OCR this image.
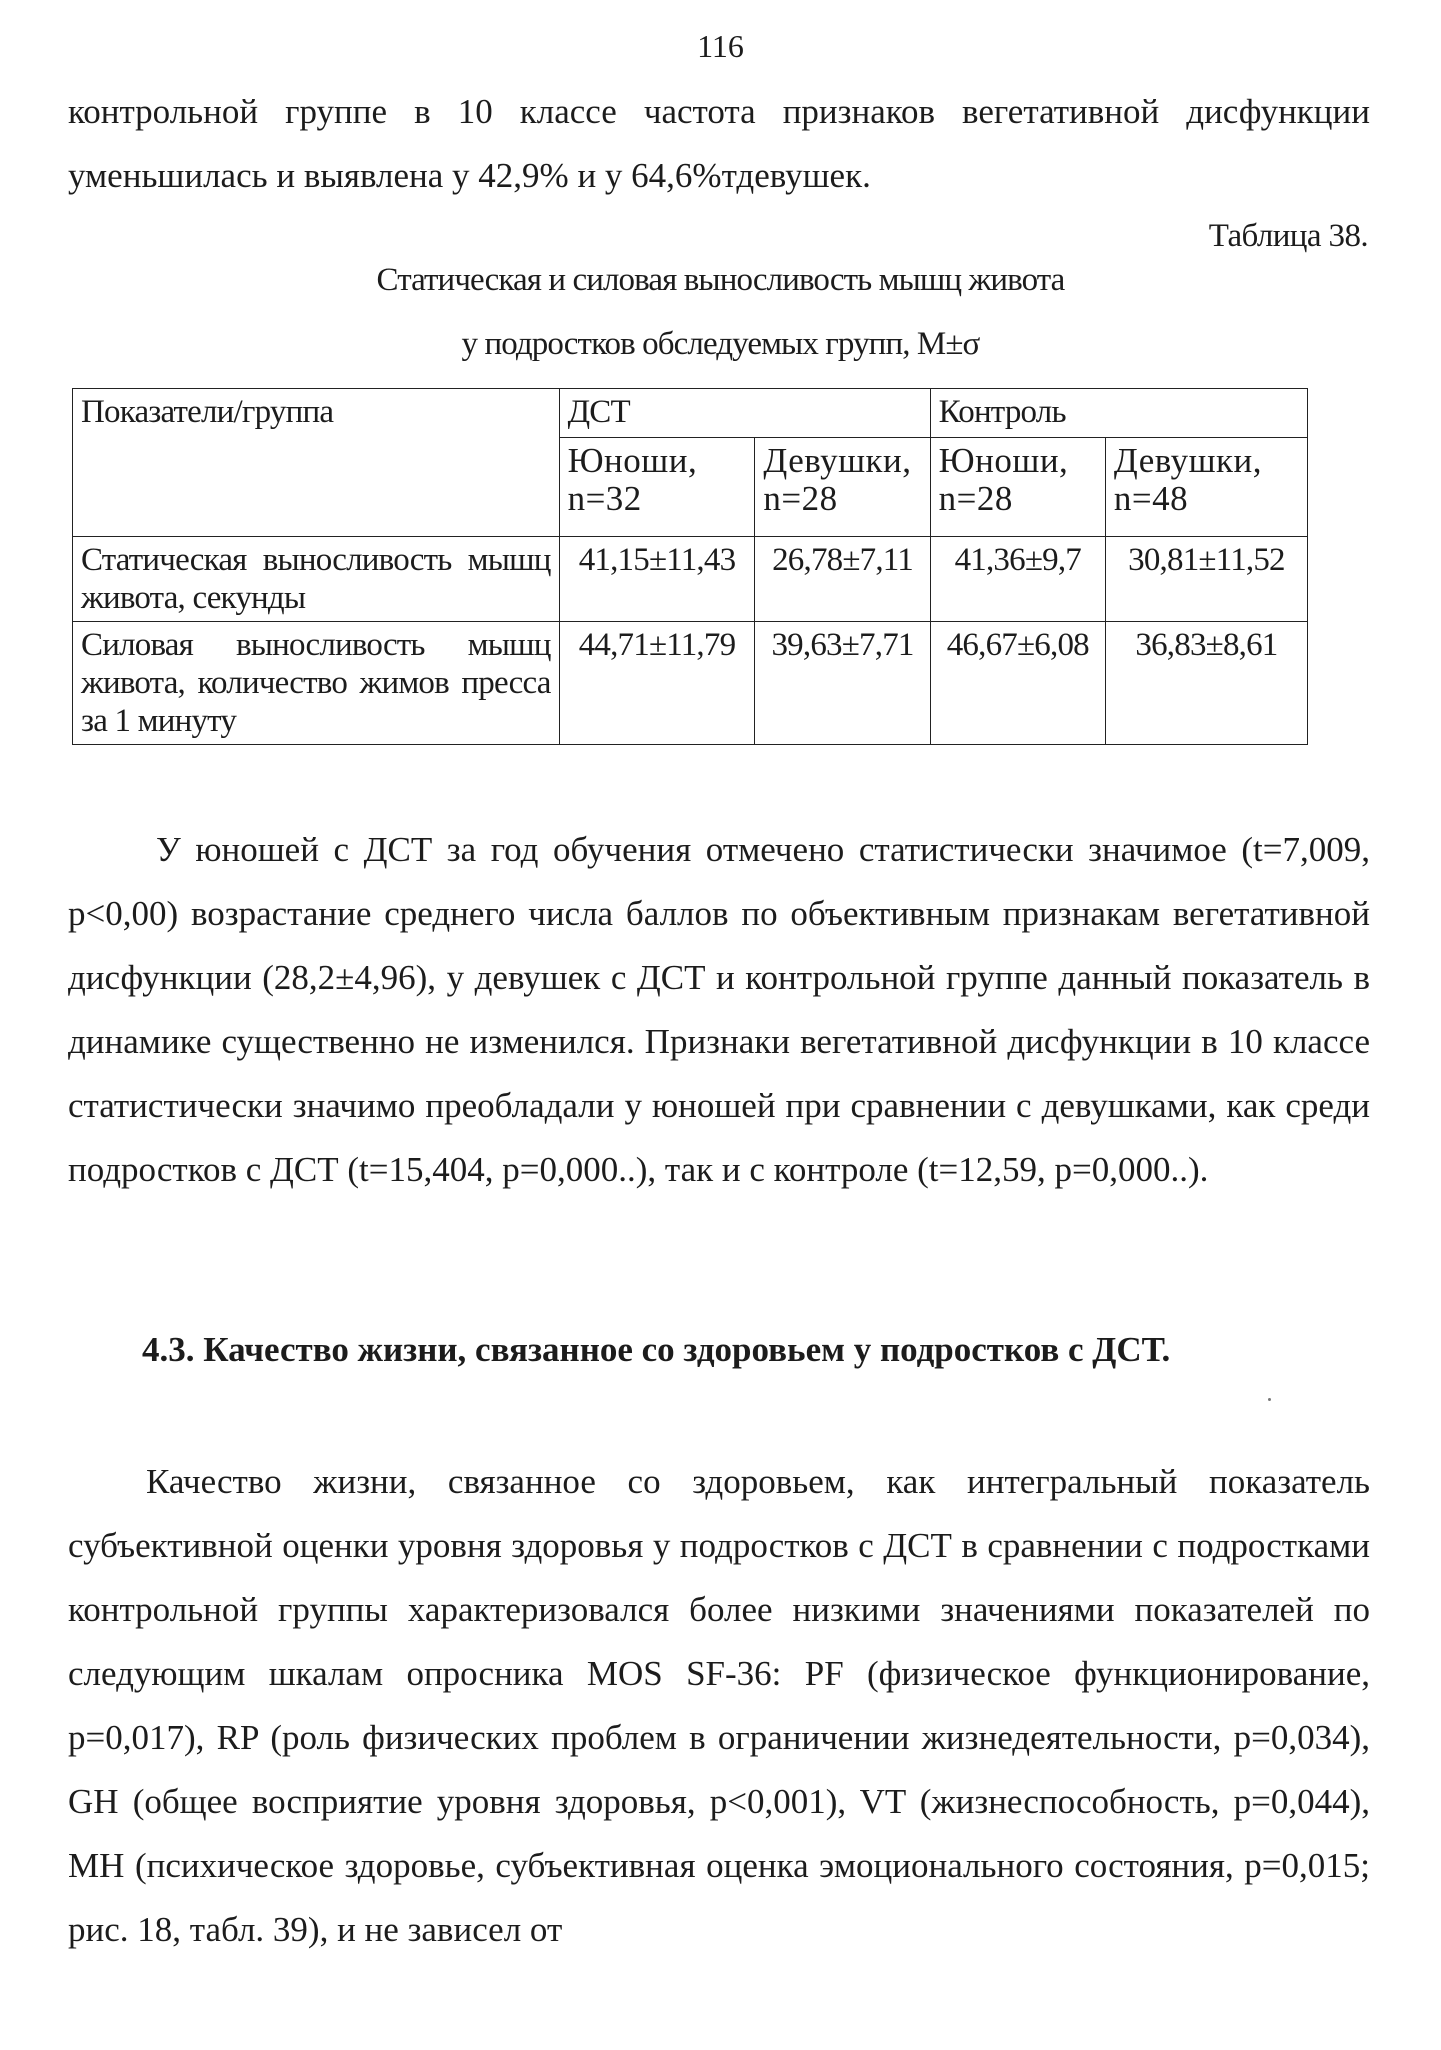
116

контрольной группе в 10 классе частота признаков вегетативной дисфункции уменьшилась и выявлена у 42,9% и у 64,6%тдевушек.

Таблица 38.
Статическая и силовая выносливость мышц живота
у подростков обследуемых групп, M±σ
Показатели/группа	ДСТ		Контроль	
	Юноши, n=32	Девушки, n=28	Юноши, n=28	Девушки, n=48
Статическая выносливость мышц живота, секунды	41,15±11,43	26,78±7,11	41,36±9,7	30,81±11,52
Силовая выносливость мышц живота, количество жимов пресса за 1 минуту	44,71±11,79	39,63±7,71	46,67±6,08	36,83±8,61

У юношей с ДСТ за год обучения отмечено статистически значимое (t=7,009, p<0,00) возрастание среднего числа баллов по объективным признакам вегетативной дисфункции (28,2±4,96), у девушек с ДСТ и контрольной группе данный показатель в динамике существенно не изменился. Признаки вегетативной дисфункции в 10 классе статистически значимо преобладали у юношей при сравнении с девушками, как среди подростков с ДСТ (t=15,404, p=0,000..), так и с контроле (t=12,59, p=0,000..).

4.3. Качество жизни, связанное со здоровьем у подростков с ДСТ.

Качество жизни, связанное со здоровьем, как интегральный показатель субъективной оценки уровня здоровья у подростков с ДСТ в сравнении с подростками контрольной группы характеризовался более низкими значениями показателей по следующим шкалам опросника MOS SF-36: PF (физическое функционирование, p=0,017), RP (роль физических проблем в ограничении жизнедеятельности, p=0,034), GH (общее восприятие уровня здоровья, p<0,001), VT (жизнеспособность, p=0,044), MH (психическое здоровье, субъективная оценка эмоционального состояния, p=0,015; рис. 18, табл. 39), и не зависел от
